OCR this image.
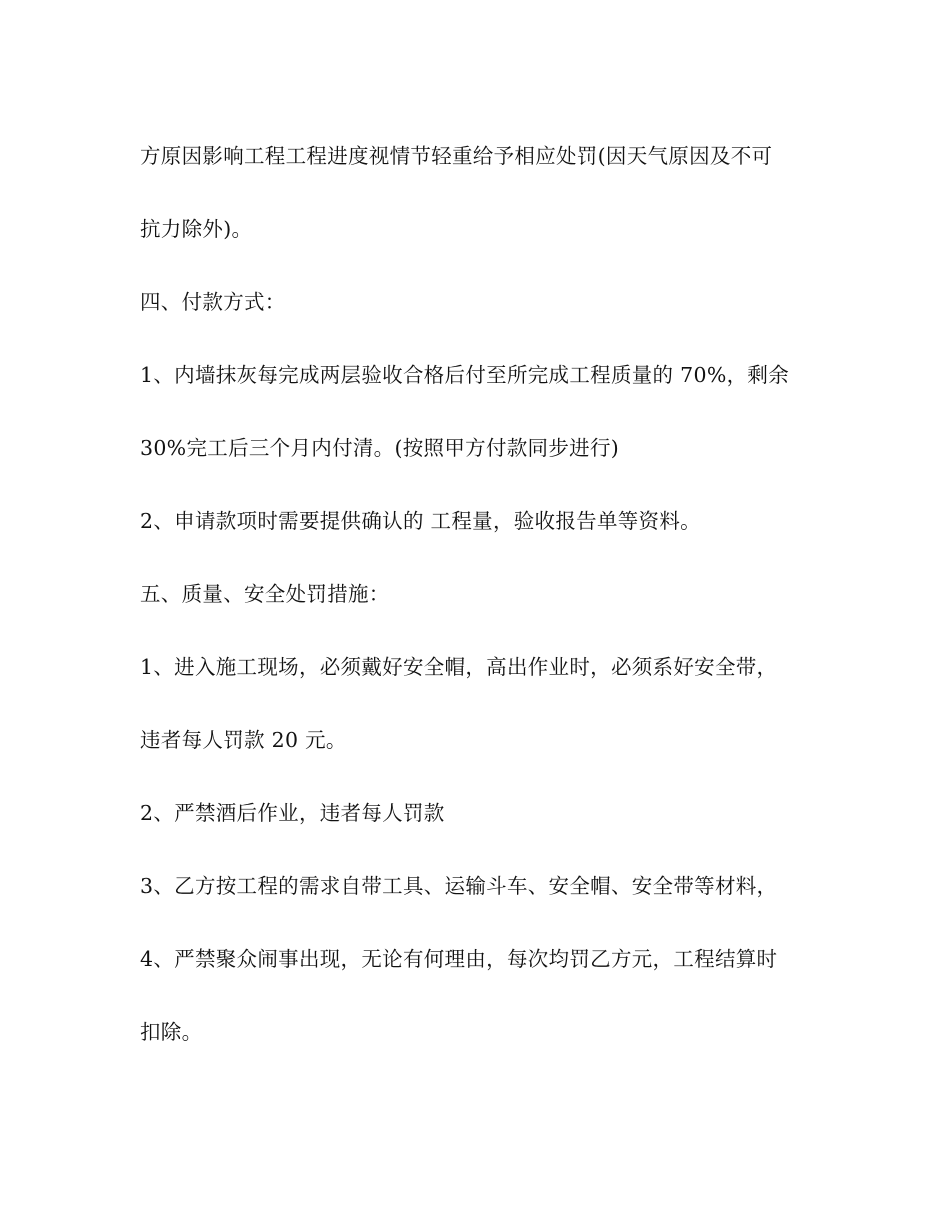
方原因影响工程工程进度视情节轻重给予相应处罚(因天气原因及不可
抗力除外)。
四、付款方式：
1、内墙抹灰每完成两层验收合格后付至所完成工程质量的 70%，剩余
30%完工后三个月内付清。(按照甲方付款同步进行)
2、申请款项时需要提供确认的 工程量，验收报告单等资料。
五、质量、安全处罚措施：
1、进入施工现场，必须戴好安全帽，高出作业时，必须系好安全带，
违者每人罚款 20 元。
2、严禁酒后作业，违者每人罚款
3、乙方按工程的需求自带工具、运输斗车、安全帽、安全带等材料，
4、严禁聚众闹事出现，无论有何理由，每次均罚乙方元，工程结算时
扣除。
